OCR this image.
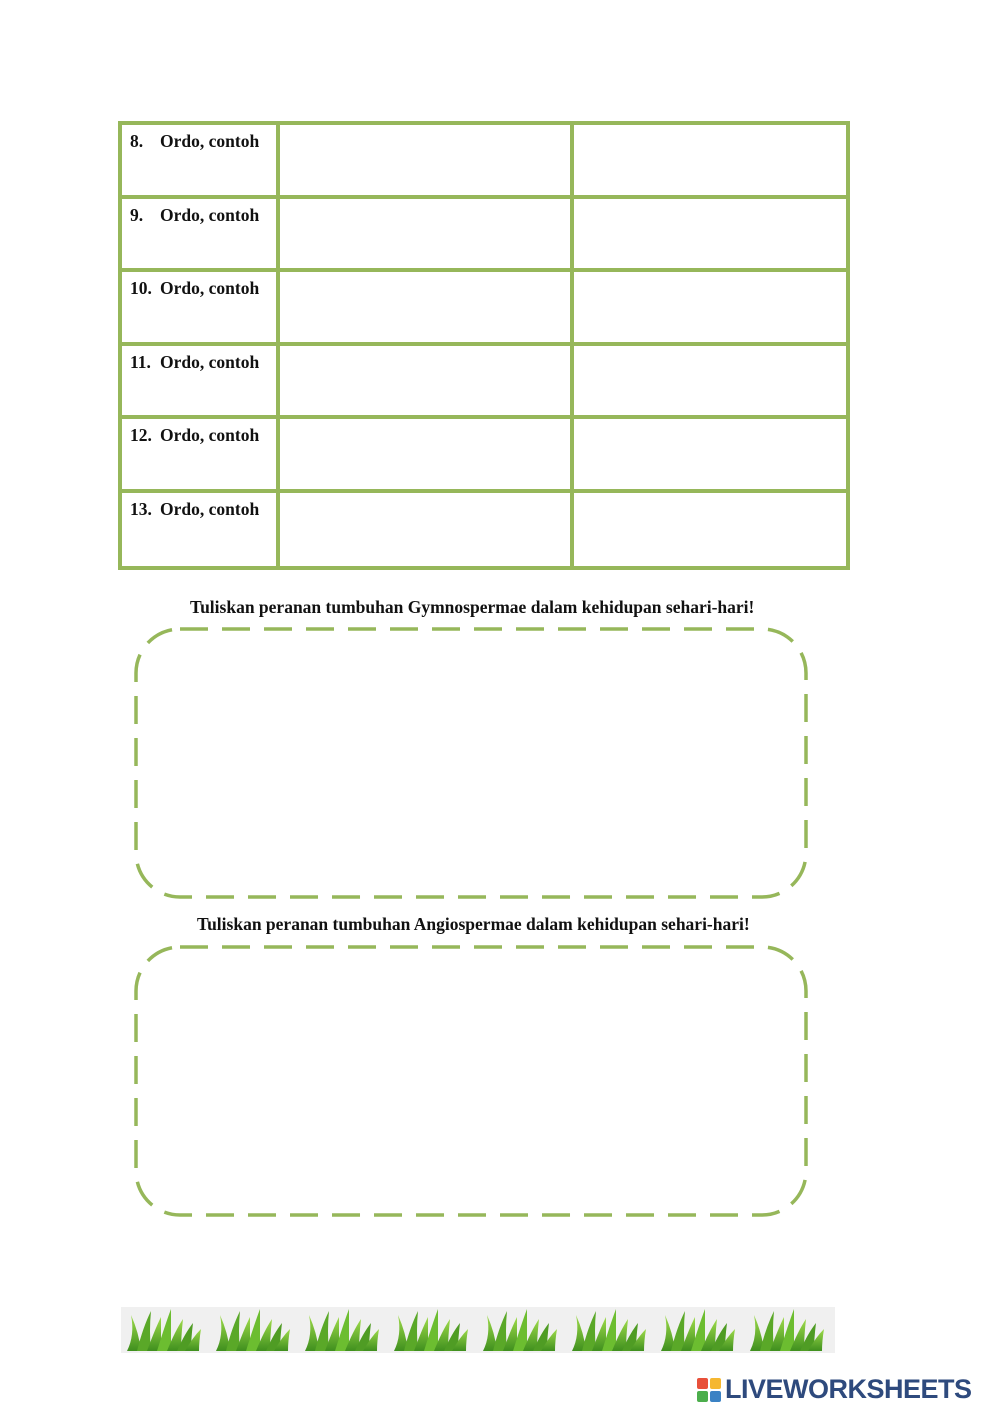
8. Ordo, contoh
9. Ordo, contoh
10. Ordo, contoh
11. Ordo, contoh
12. Ordo, contoh
13. Ordo, contoh

Tuliskan peranan tumbuhan Gymnospermae dalam kehidupan sehari-hari!

Tuliskan peranan tumbuhan Angiospermae dalam kehidupan sehari-hari!

LIVEWORKSHEETS
